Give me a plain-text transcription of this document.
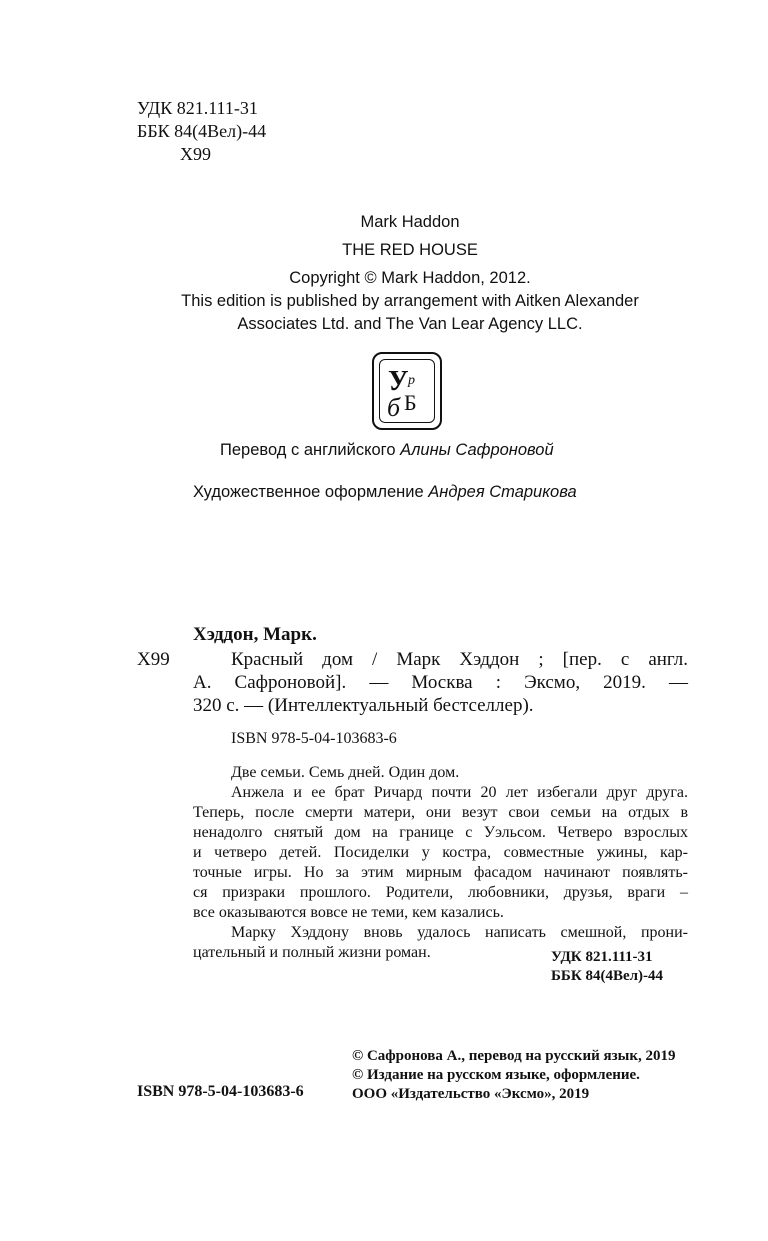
УДК 821.111-31
ББК 84(4Вел)-44
Х99
Mark Haddon
THE RED HOUSE
Copyright © Mark Haddon, 2012.
This edition is published by arrangement with Aitken Alexander
Associates Ltd. and The Van Lear Agency LLC.
У р
б Б
Перевод с английского Алины Сафроновой
Художественное оформление Андрея Старикова
Хэддон, Марк.
Х99	Красный дом / Марк Хэддон ; [пер. с англ.
А. Сафроновой]. — Москва : Эксмо, 2019. —
320 с. — (Интеллектуальный бестселлер).
ISBN 978-5-04-103683-6

Две семьи. Семь дней. Один дом.

Анжела и ее брат Ричард почти 20 лет избегали друг друга.

Теперь, после смерти матери, они везут свои семьи на отдых в

ненадолго снятый дом на границе с Уэльсом. Четверо взрослых

и четверо детей. Посиделки у костра, совместные ужины, кар-

точные игры. Но за этим мирным фасадом начинают появлять-

ся призраки прошлого. Родители, любовники, друзья, враги –

все оказываются вовсе не теми, кем казались.

Марку Хэддону вновь удалось написать смешной, прони-

цательный и полный жизни роман.	УДК 821.111-31
ББК 84(4Вел)-44
ISBN 978-5-04-103683-6
© Сафронова А., перевод на русский язык, 2019
© Издание на русском языке, оформление.
ООО «Издательство «Эксмо», 2019
